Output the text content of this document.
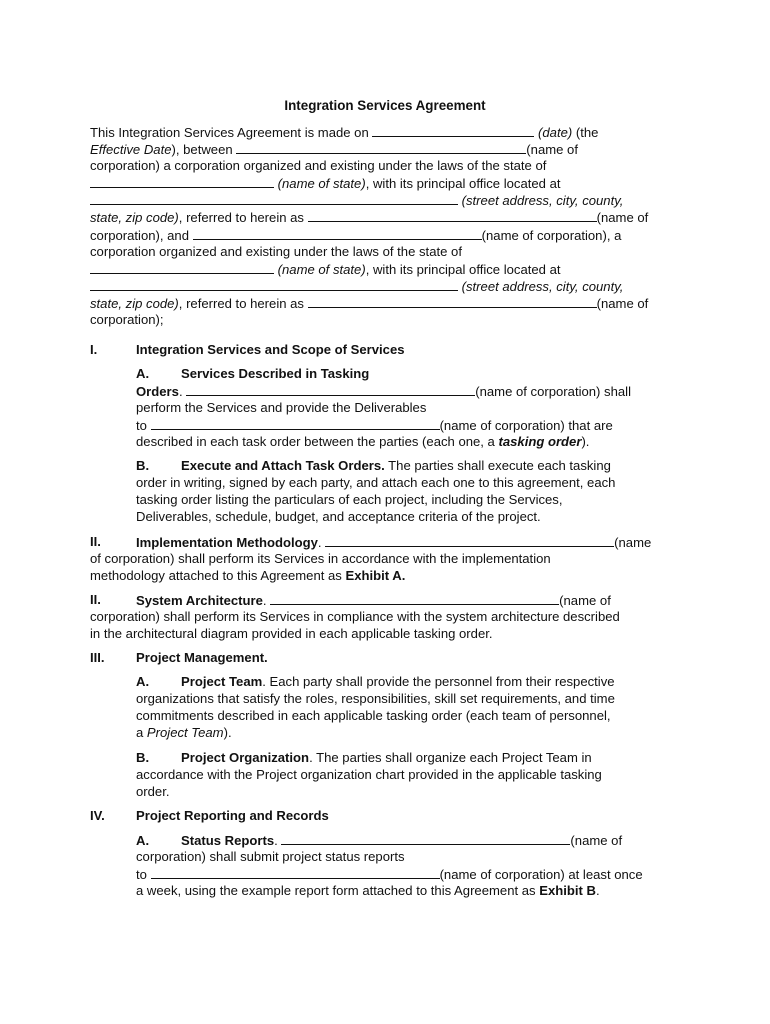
Integration Services Agreement
This Integration Services Agreement is made on	(date) (the
Effective Date), between	(name of
corporation) a corporation organized and existing under the laws of the state of
(name of state), with its principal office located at
(street address, city, county,
state, zip code), referred to herein as	(name of
corporation), and	(name of corporation), a
corporation organized and existing under the laws of the state of
(name of state), with its principal office located at
(street address, city, county,
state, zip code), referred to herein as	(name of
corporation);
I.	Integration Services and Scope of Services
A. Services Described in Tasking
Orders.	(name of corporation) shall
perform the Services and provide the Deliverables
to	(name of corporation) that are
described in each task order between the parties (each one, a tasking order).
B. Execute and Attach Task Orders. The parties shall execute each tasking
order in writing, signed by each party, and attach each one to this agreement, each
tasking order listing the particulars of each project, including the Services,
Deliverables, schedule, budget, and acceptance criteria of the project.
II.	Implementation Methodology.	(name
of corporation) shall perform its Services in accordance with the implementation
methodology attached to this Agreement as Exhibit A.
II.	System Architecture.	(name of
corporation) shall perform its Services in compliance with the system architecture described
in the architectural diagram provided in each applicable tasking order.
III. Project Management.
A. Project Team. Each party shall provide the personnel from their respective
organizations that satisfy the roles, responsibilities, skill set requirements, and time
commitments described in each applicable tasking order (each team of personnel,
a Project Team).
B. Project Organization. The parties shall organize each Project Team in
accordance with the Project organization chart provided in the applicable tasking
order.
IV. Project Reporting and Records
A. Status Reports.	(name of
corporation) shall submit project status reports
to	(name of corporation) at least once
a week, using the example report form attached to this Agreement as Exhibit B.
